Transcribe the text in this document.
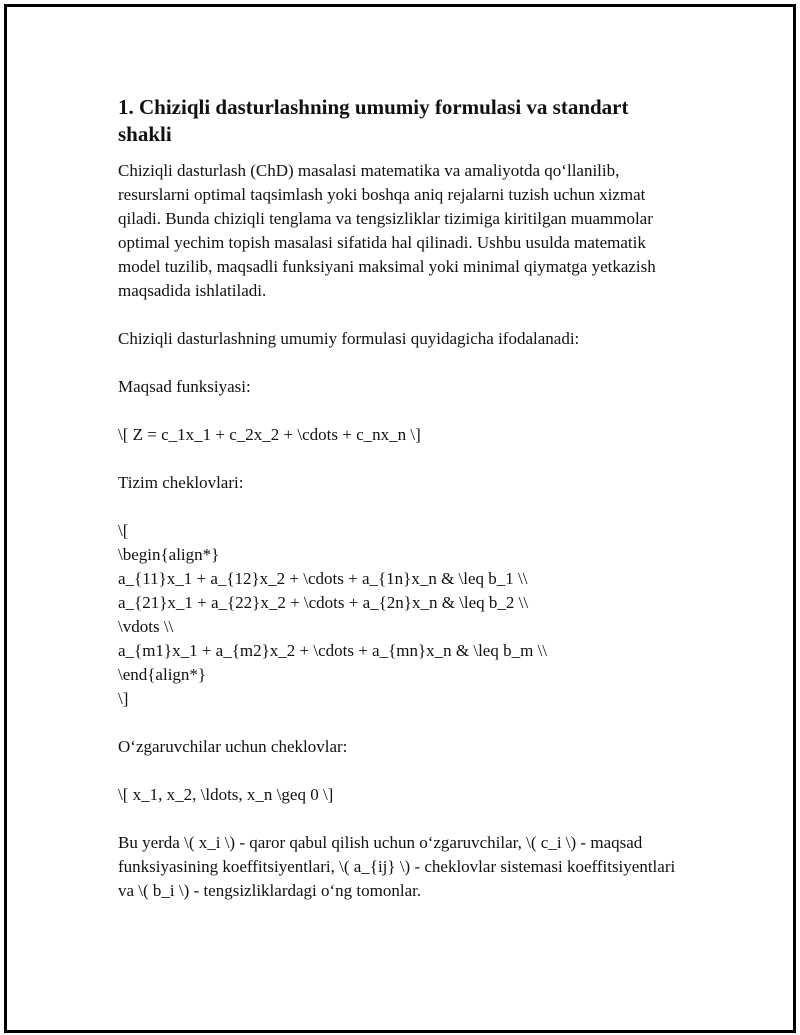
1. Chiziqli dasturlashning umumiy formulasi va standart shakli

Chiziqli dasturlash (ChD) masalasi matematika va amaliyotda qo‘llanilib, resurslarni optimal taqsimlash yoki boshqa aniq rejalarni tuzish uchun xizmat qiladi. Bunda chiziqli tenglama va tengsizliklar tizimiga kiritilgan muammolar optimal yechim topish masalasi sifatida hal qilinadi. Ushbu usulda matematik model tuzilib, maqsadli funksiyani maksimal yoki minimal qiymatga yetkazish maqsadida ishlatiladi.

Chiziqli dasturlashning umumiy formulasi quyidagicha ifodalanadi:

Maqsad funksiyasi:

\[ Z = c_1x_1 + c_2x_2 + \cdots + c_nx_n \]

Tizim cheklovlari:

\[
\begin{align*}
a_{11}x_1 + a_{12}x_2 + \cdots + a_{1n}x_n & \leq b_1 \\
a_{21}x_1 + a_{22}x_2 + \cdots + a_{2n}x_n & \leq b_2 \\
\vdots \\
a_{m1}x_1 + a_{m2}x_2 + \cdots + a_{mn}x_n & \leq b_m \\
\end{align*}
\]

O‘zgaruvchilar uchun cheklovlar:

\[ x_1, x_2, \ldots, x_n \geq 0 \]

Bu yerda \( x_i \) - qaror qabul qilish uchun o‘zgaruvchilar, \( c_i \) - maqsad funksiyasining koeffitsiyentlari, \( a_{ij} \) - cheklovlar sistemasi koeffitsiyentlari va \( b_i \) - tengsizliklardagi o‘ng tomonlar.
